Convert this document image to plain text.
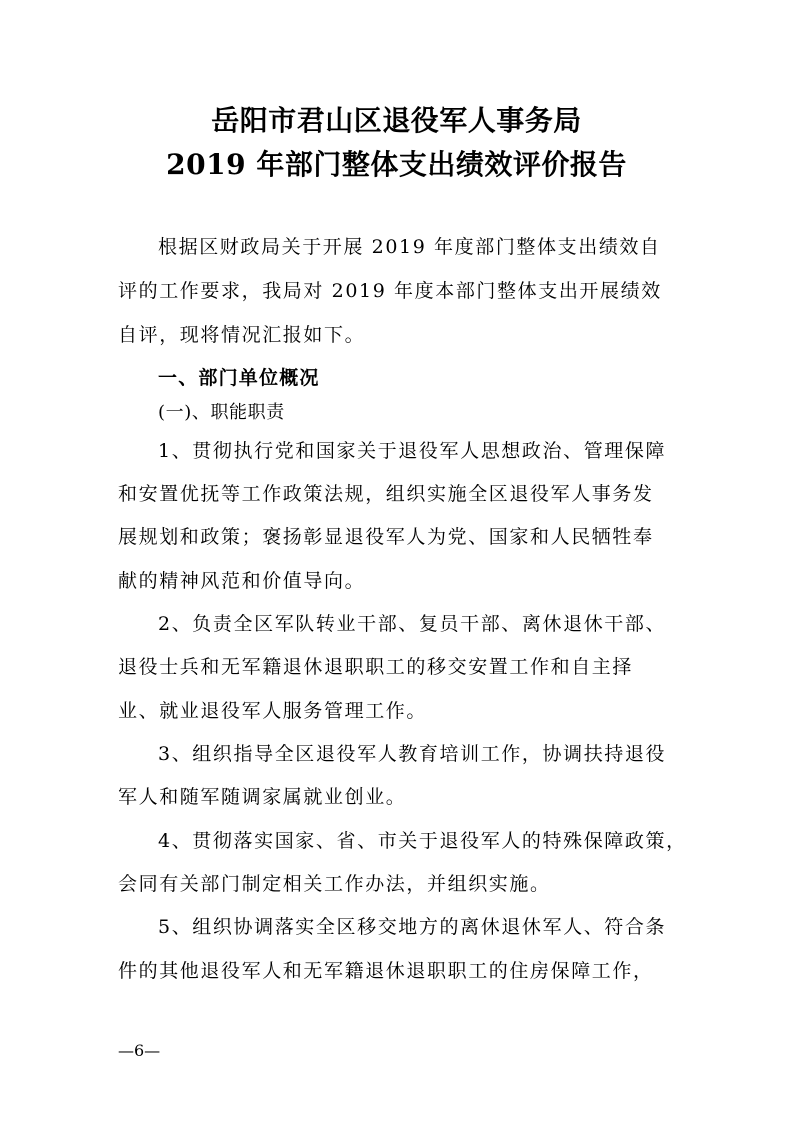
岳阳市君山区退役军人事务局
2019 年部门整体支出绩效评价报告
根据区财政局关于开展 2019 年度部门整体支出绩效自
评的工作要求，我局对 2019 年度本部门整体支出开展绩效
自评，现将情况汇报如下。
一、部门单位概况
(一)、职能职责
1、贯彻执行党和国家关于退役军人思想政治、管理保障
和安置优抚等工作政策法规，组织实施全区退役军人事务发
展规划和政策；褒扬彰显退役军人为党、国家和人民牺牲奉
献的精神风范和价值导向。
2、负责全区军队转业干部、复员干部、离休退休干部、
退役士兵和无军籍退休退职职工的移交安置工作和自主择
业、就业退役军人服务管理工作。
3、组织指导全区退役军人教育培训工作，协调扶持退役
军人和随军随调家属就业创业。
4、贯彻落实国家、省、市关于退役军人的特殊保障政策，
会同有关部门制定相关工作办法，并组织实施。
5、组织协调落实全区移交地方的离休退休军人、符合条
件的其他退役军人和无军籍退休退职职工的住房保障工作，
—6—
